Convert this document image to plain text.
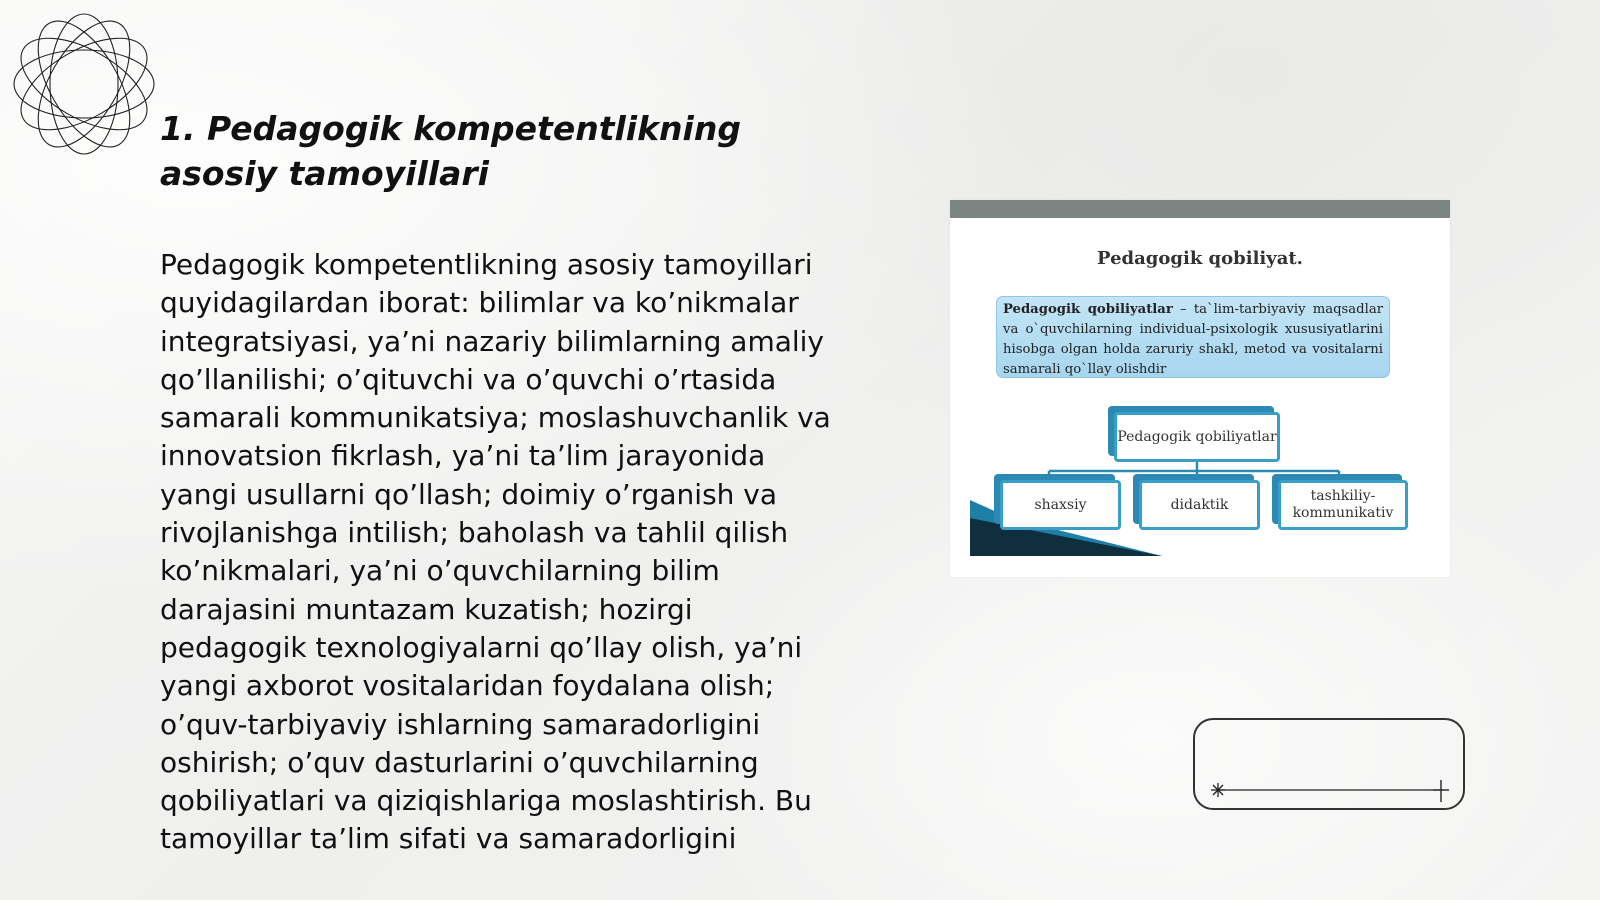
1. Pedagogik kompetentlikning asosiy tamoyillari

Pedagogik kompetentlikning asosiy tamoyillari quyidagilardan iborat: bilimlar va ko’nikmalar integratsiyasi, ya’ni nazariy bilimlarning amaliy qo’llanilishi; o’qituvchi va o’quvchi o’rtasida samarali kommunikatsiya; moslashuvchanlik va innovatsion fikrlash, ya’ni ta’lim jarayonida yangi usullarni qo’llash; doimiy o’rganish va rivojlanishga intilish; baholash va tahlil qilish ko’nikmalari, ya’ni o’quvchilarning bilim darajasini muntazam kuzatish; hozirgi pedagogik texnologiyalarni qo’llay olish, ya’ni yangi axborot vositalaridan foydalana olish; o’quv-tarbiyaviy ishlarning samaradorligini oshirish; o’quv dasturlarini o’quvchilarning qobiliyatlari va qiziqishlariga moslashtirish. Bu tamoyillar ta’lim sifati va samaradorligini

Pedagogik qobiliyat.
Pedagogik qobiliyatlar – ta`lim-tarbiyaviy maqsadlar va o`quvchilarning individual-psixologik xususiyatlarini hisobga olgan holda zaruriy shakl, metod va vositalarni samarali qo`llay olishdir
Pedagogik qobiliyatlar
shaxsiy	didaktik
tashkiliy-kommunikativ
